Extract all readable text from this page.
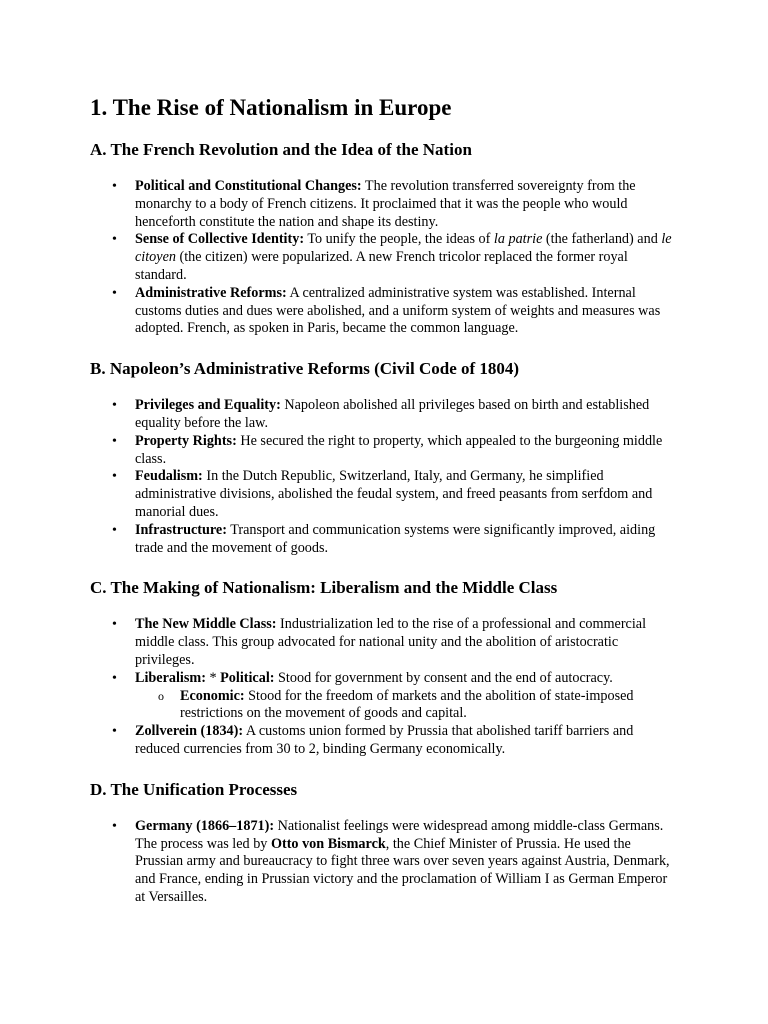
1. The Rise of Nationalism in Europe
A. The French Revolution and the Idea of the Nation
• Political and Constitutional Changes: The revolution transferred sovereignty from the monarchy to a body of French citizens. It proclaimed that it was the people who would henceforth constitute the nation and shape its destiny.
• Sense of Collective Identity: To unify the people, the ideas of la patrie (the fatherland) and le citoyen (the citizen) were popularized. A new French tricolor replaced the former royal standard.
• Administrative Reforms: A centralized administrative system was established. Internal customs duties and dues were abolished, and a uniform system of weights and measures was adopted. French, as spoken in Paris, became the common language.
B. Napoleon’s Administrative Reforms (Civil Code of 1804)
• Privileges and Equality: Napoleon abolished all privileges based on birth and established equality before the law.
• Property Rights: He secured the right to property, which appealed to the burgeoning middle class.
• Feudalism: In the Dutch Republic, Switzerland, Italy, and Germany, he simplified administrative divisions, abolished the feudal system, and freed peasants from serfdom and manorial dues.
• Infrastructure: Transport and communication systems were significantly improved, aiding trade and the movement of goods.
C. The Making of Nationalism: Liberalism and the Middle Class
• The New Middle Class: Industrialization led to the rise of a professional and commercial middle class. This group advocated for national unity and the abolition of aristocratic privileges.
• Liberalism: * Political: Stood for government by consent and the end of autocracy.
o Economic: Stood for the freedom of markets and the abolition of state-imposed restrictions on the movement of goods and capital.
• Zollverein (1834): A customs union formed by Prussia that abolished tariff barriers and reduced currencies from 30 to 2, binding Germany economically.
D. The Unification Processes
• Germany (1866–1871): Nationalist feelings were widespread among middle-class Germans. The process was led by Otto von Bismarck, the Chief Minister of Prussia. He used the Prussian army and bureaucracy to fight three wars over seven years against Austria, Denmark, and France, ending in Prussian victory and the proclamation of William I as German Emperor at Versailles.
